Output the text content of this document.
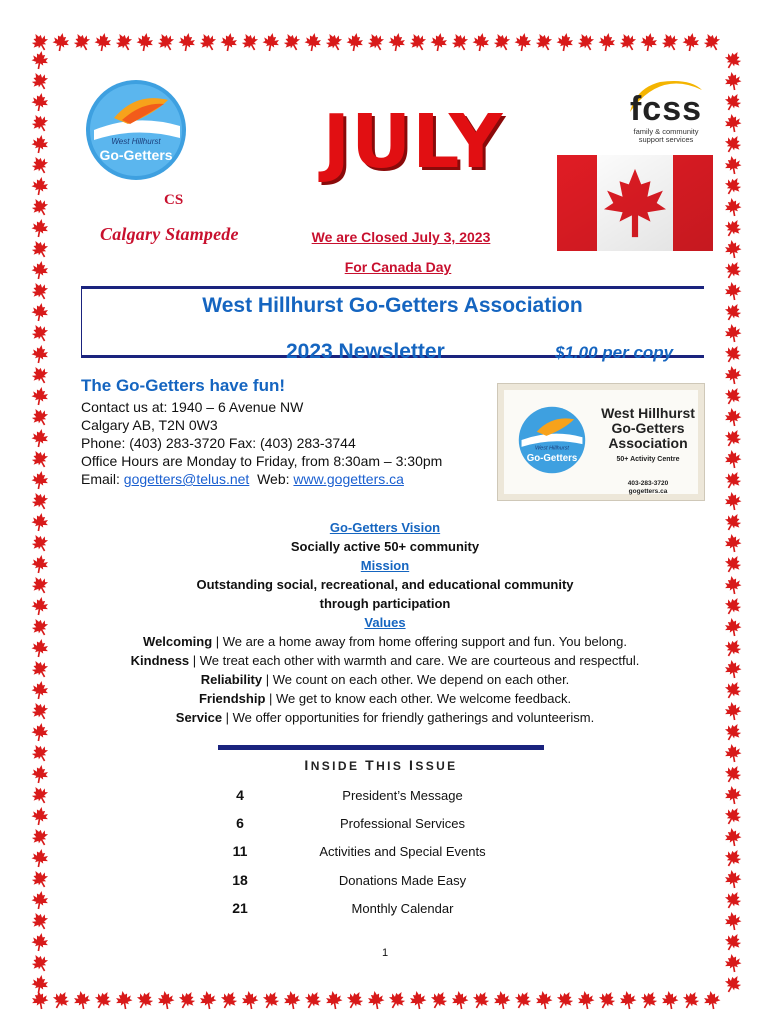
West Hillhurst
Go-Getters
fcss
family & community
support services
CS
Calgary Stampede
JULY
We are Closed July 3, 2023
For Canada Day
West Hillhurst Go-Getters Association
2023 Newsletter	$1.00 per copy
The Go-Getters have fun!
Contact us at: 1940 – 6 Avenue NW
Calgary AB, T2N 0W3
Phone: (403) 283-3720 Fax: (403) 283-3744
Office Hours are Monday to Friday, from 8:30am – 3:30pm
Email: gogetters@telus.net Web: www.gogetters.ca
West Hillhurst
Go-Getters
West Hillhurst
Go-Getters
Association
50+ Activity Centre
403-283-3720
gogetters.ca
Go-Getters Vision
Socially active 50+ community
Mission
Outstanding social, recreational, and educational community
through participation
Values
Welcoming | We are a home away from home offering support and fun. You belong.
Kindness | We treat each other with warmth and care. We are courteous and respectful.
Reliability | We count on each other. We depend on each other.
Friendship | We get to know each other. We welcome feedback.
Service | We offer opportunities for friendly gatherings and volunteerism.
INSIDE THIS ISSUE
4	President’s Message
6	Professional Services
11	Activities and Special Events
18	Donations Made Easy
21	Monthly Calendar
1
